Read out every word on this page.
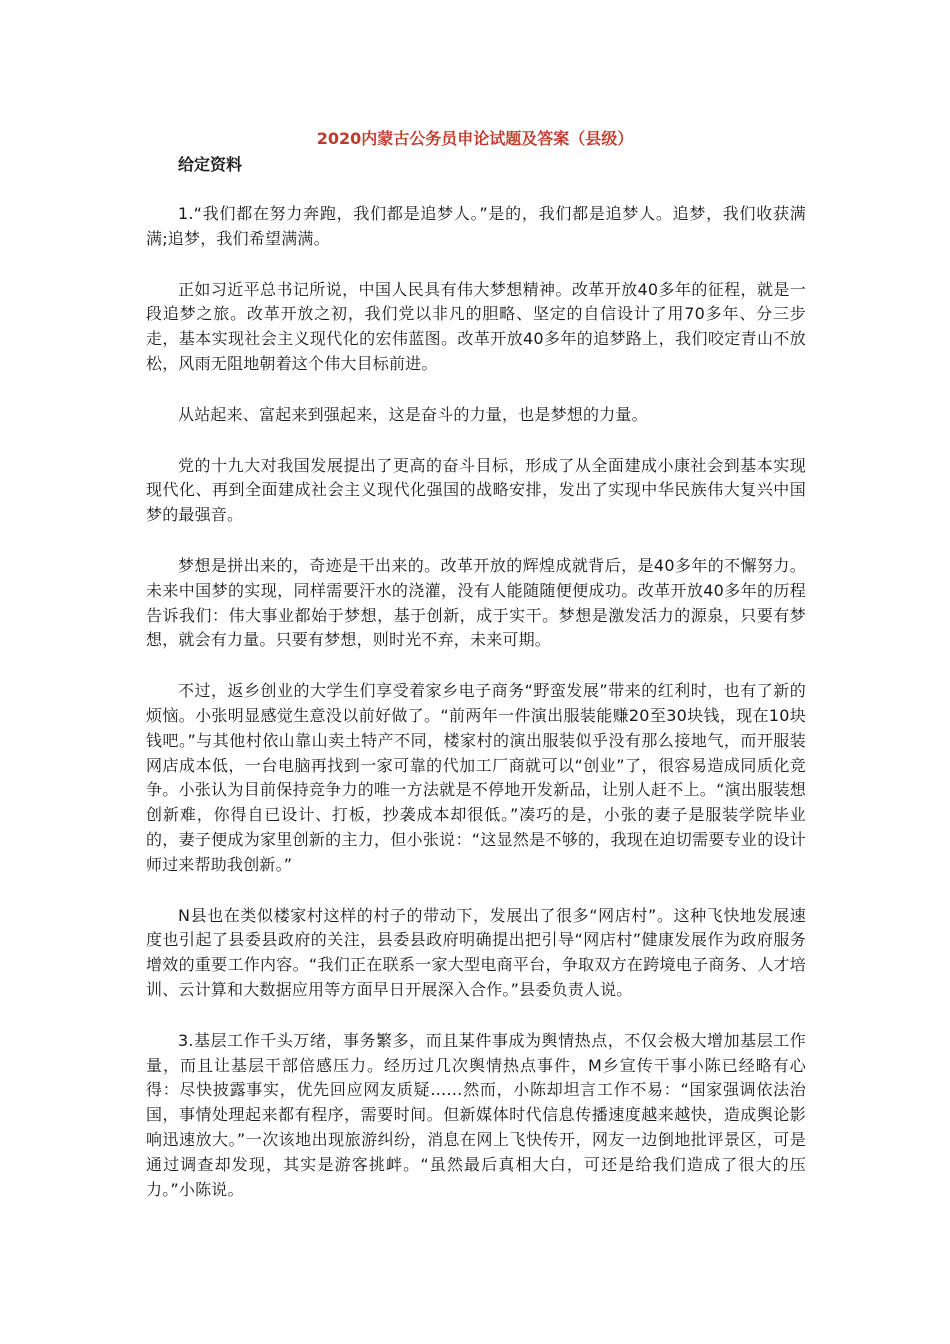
2020内蒙古公务员申论试题及答案（县级）
给定资料

1.“我们都在努力奔跑，我们都是追梦人。”是的，我们都是追梦人。追梦，我们收获满满;追梦，我们希望满满。

正如习近平总书记所说，中国人民具有伟大梦想精神。改革开放40多年的征程，就是一段追梦之旅。改革开放之初，我们党以非凡的胆略、坚定的自信设计了用70多年、分三步走，基本实现社会主义现代化的宏伟蓝图。改革开放40多年的追梦路上，我们咬定青山不放松，风雨无阻地朝着这个伟大目标前进。

从站起来、富起来到强起来，这是奋斗的力量，也是梦想的力量。

党的十九大对我国发展提出了更高的奋斗目标，形成了从全面建成小康社会到基本实现现代化、再到全面建成社会主义现代化强国的战略安排，发出了实现中华民族伟大复兴中国梦的最强音。

梦想是拼出来的，奇迹是干出来的。改革开放的辉煌成就背后，是40多年的不懈努力。未来中国梦的实现，同样需要汗水的浇灌，没有人能随随便便成功。改革开放40多年的历程告诉我们：伟大事业都始于梦想，基于创新，成于实干。梦想是激发活力的源泉，只要有梦想，就会有力量。只要有梦想，则时光不弃，未来可期。

不过，返乡创业的大学生们享受着家乡电子商务“野蛮发展”带来的红利时，也有了新的烦恼。小张明显感觉生意没以前好做了。“前两年一件演出服装能赚20至30块钱，现在10块钱吧。”与其他村依山靠山卖土特产不同，楼家村的演出服装似乎没有那么接地气，而开服装网店成本低，一台电脑再找到一家可靠的代加工厂商就可以“创业”了，很容易造成同质化竞争。小张认为目前保持竞争力的唯一方法就是不停地开发新品，让别人赶不上。“演出服装想创新难，你得自已设计、打板，抄袭成本却很低。”凑巧的是，小张的妻子是服装学院毕业的，妻子便成为家里创新的主力，但小张说：“这显然是不够的，我现在迫切需要专业的设计师过来帮助我创新。”

N县也在类似楼家村这样的村子的带动下，发展出了很多“网店村”。这种飞快地发展速度也引起了县委县政府的关注，县委县政府明确提出把引导“网店村”健康发展作为政府服务增效的重要工作内容。“我们正在联系一家大型电商平台，争取双方在跨境电子商务、人才培训、云计算和大数据应用等方面早日开展深入合作。”县委负责人说。

3.基层工作千头万绪，事务繁多，而且某件事成为舆情热点，不仅会极大增加基层工作量，而且让基层干部倍感压力。经历过几次舆情热点事件，M乡宣传干事小陈已经略有心得：尽快披露事实，优先回应网友质疑……然而，小陈却坦言工作不易：“国家强调依法治国，事情处理起来都有程序，需要时间。但新媒体时代信息传播速度越来越快，造成舆论影响迅速放大。”一次该地出现旅游纠纷，消息在网上飞快传开，网友一边倒地批评景区，可是通过调查却发现，其实是游客挑衅。“虽然最后真相大白，可还是给我们造成了很大的压力。”小陈说。
